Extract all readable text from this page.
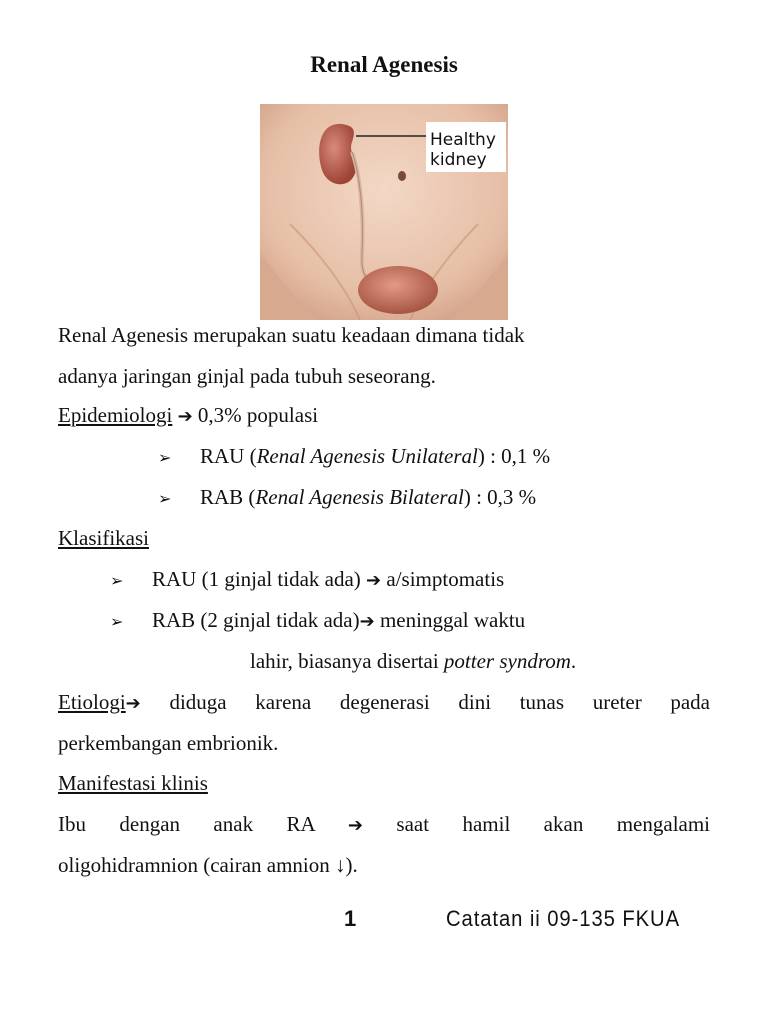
Renal Agenesis
Healthy
kidney
Renal Agenesis merupakan suatu keadaan dimana tidak
adanya jaringan ginjal pada tubuh seseorang.
Epidemiologi ➔ 0,3% populasi
➢ RAU (Renal Agenesis Unilateral) : 0,1 %
➢ RAB (Renal Agenesis Bilateral) : 0,3 %
Klasifikasi
➢ RAU (1 ginjal tidak ada) ➔ a/simptomatis
➢ RAB (2 ginjal tidak ada)➔ meninggal waktu
lahir, biasanya disertai potter syndrom.
Etiologi➔ diduga karena degenerasi dini tunas ureter pada
perkembangan embrionik.
Manifestasi klinis
Ibu dengan anak RA ➔ saat hamil akan mengalami
oligohidramnion (cairan amnion ↓).
1	Catatan ii 09-135 FKUA
